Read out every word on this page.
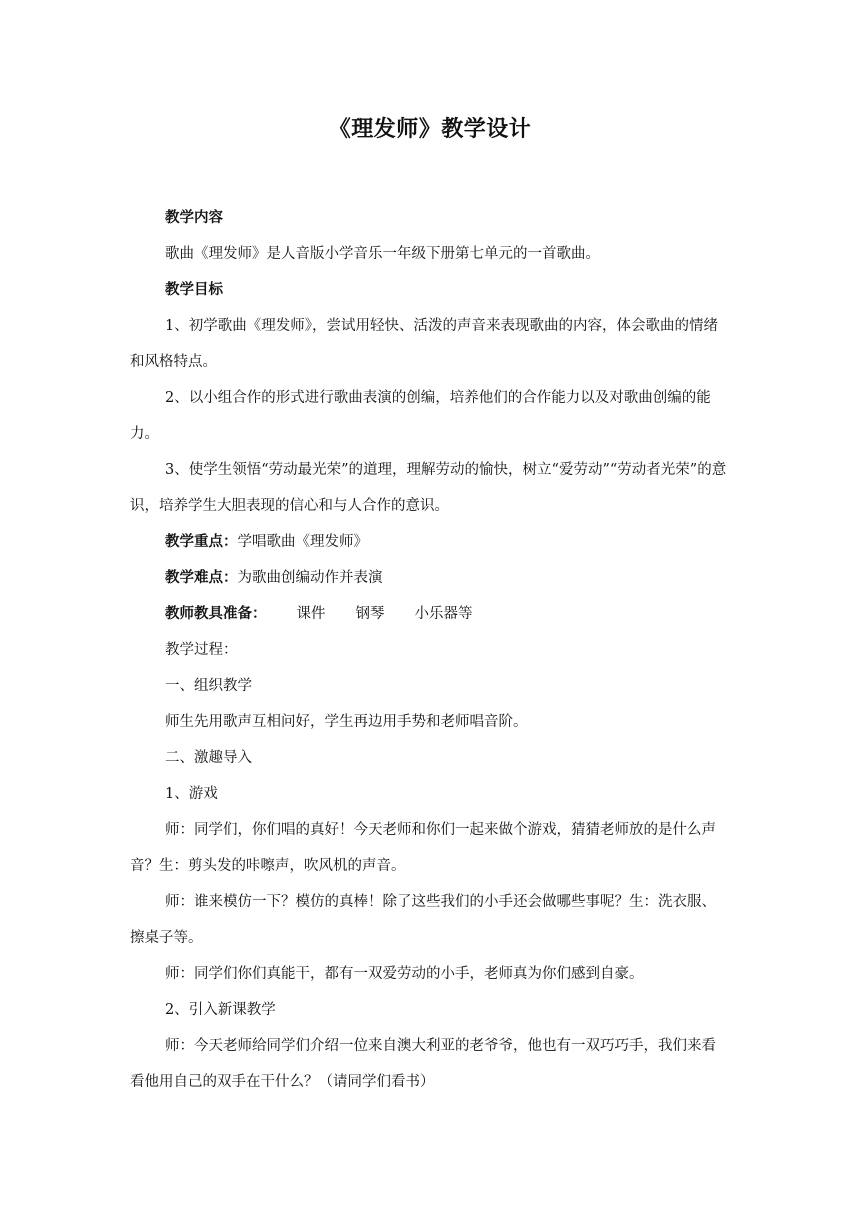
《理发师》教学设计

教学内容

歌曲《理发师》是人音版小学音乐一年级下册第七单元的一首歌曲。

教学目标

1、初学歌曲《理发师》，尝试用轻快、活泼的声音来表现歌曲的内容，体会歌曲的情绪和风格特点。

2、以小组合作的形式进行歌曲表演的创编，培养他们的合作能力以及对歌曲创编的能力。

3、使学生领悟“劳动最光荣”的道理，理解劳动的愉快，树立“爱劳动”“劳动者光荣”的意识，培养学生大胆表现的信心和与人合作的意识。

教学重点：学唱歌曲《理发师》

教学难点：为歌曲创编动作并表演

教师教具准备： 课件 钢琴 小乐器等

教学过程：

一、组织教学

师生先用歌声互相问好，学生再边用手势和老师唱音阶。

二、激趣导入

1、游戏

师：同学们，你们唱的真好！今天老师和你们一起来做个游戏，猜猜老师放的是什么声音？生：剪头发的咔嚓声，吹风机的声音。

师：谁来模仿一下？模仿的真棒！除了这些我们的小手还会做哪些事呢？生：洗衣服、擦桌子等。

师：同学们你们真能干，都有一双爱劳动的小手，老师真为你们感到自豪。

2、引入新课教学

师：今天老师给同学们介绍一位来自澳大利亚的老爷爷，他也有一双巧巧手，我们来看看他用自己的双手在干什么？（请同学们看书）
